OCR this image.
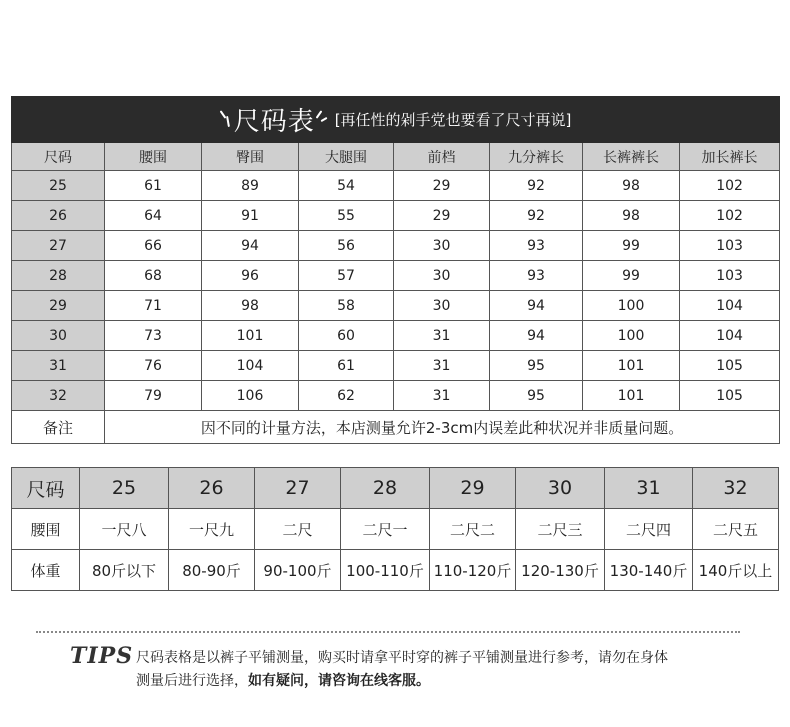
尺码表 [再任性的剁手党也要看了尺寸再说]							
尺码	腰围	臀围	大腿围	前档	九分裤长	长裤裤长	加长裤长
25	61	89	54	29	92	98	102
26	64	91	55	29	92	98	102
27	66	94	56	30	93	99	103
28	68	96	57	30	93	99	103
29	71	98	58	30	94	100	104
30	73	101	60	31	94	100	104
31	76	104	61	31	95	101	105
32	79	106	62	31	95	101	105
备注	因不同的计量方法，本店测量允许2-3cm内误差此种状况并非质量问题。						
尺码	25	26	27	28	29	30	31	32
腰围	一尺八	一尺九	二尺	二尺一	二尺二	二尺三	二尺四	二尺五
体重	80斤以下	80-90斤	90-100斤	100-110斤	110-120斤	120-130斤	130-140斤	140斤以上
TIPS 尺码表格是以裤子平铺测量，购买时请拿平时穿的裤子平铺测量进行参考，请勿在身体
测量后进行选择，如有疑问，请咨询在线客服。
